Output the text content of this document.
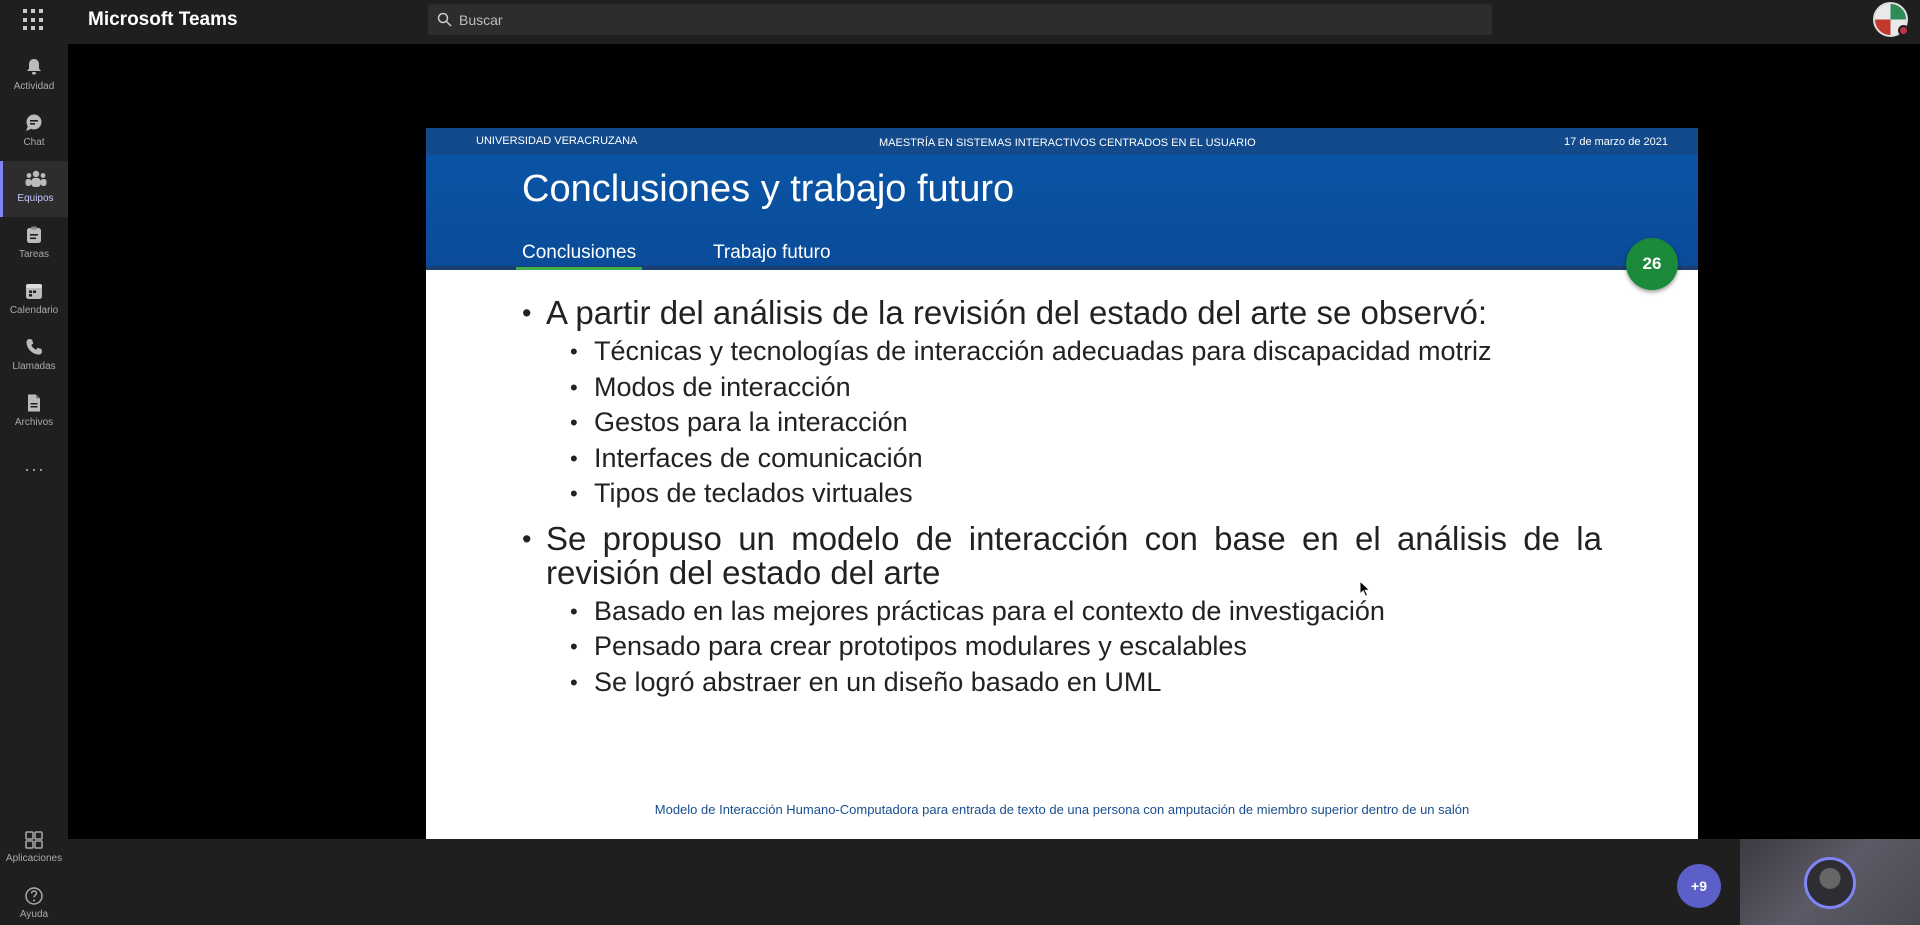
Microsoft Teams
Buscar
Actividad
Chat
Equipos
Tareas
Calendario
Llamadas
Archivos
···
Aplicaciones
Ayuda
UNIVERSIDAD VERACRUZANA	MAESTRÍA EN SISTEMAS INTERACTIVOS CENTRADOS EN EL USUARIO	17 de marzo de 2021
Conclusiones y trabajo futuro
Conclusiones	Trabajo futuro
26
• A partir del análisis de la revisión del estado del arte se observó:
• Técnicas y tecnologías de interacción adecuadas para discapacidad motriz
• Modos de interacción
• Gestos para la interacción
• Interfaces de comunicación
• Tipos de teclados virtuales
• Se propuso un modelo de interacción con base en el análisis de la revisión del estado del arte
• Basado en las mejores prácticas para el contexto de investigación
• Pensado para crear prototipos modulares y escalables
• Se logró abstraer en un diseño basado en UML
Modelo de Interacción Humano-Computadora para entrada de texto de una persona con amputación de miembro superior dentro de un salón
+9
